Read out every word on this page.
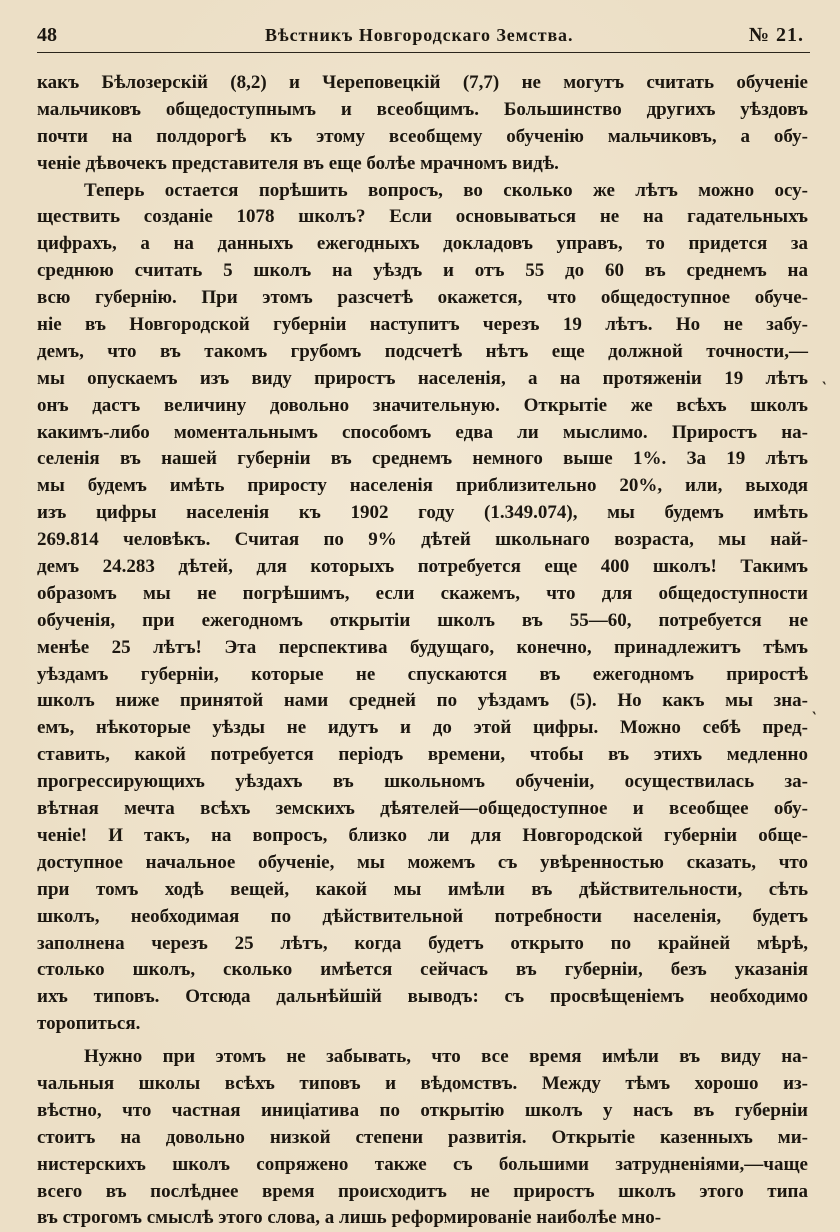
48	Вѣстникъ Новгородскаго Земства.	№ 21.
какъ Бѣлозерскій (8,2) и Череповецкій (7,7) не могутъ считать обученіе
мальчиковъ общедоступнымъ и всеобщимъ. Большинство другихъ уѣздовъ
почти на полдорогѣ къ этому всеобщему обученію мальчиковъ, а обу-
ченіе дѣвочекъ представителя въ еще болѣе мрачномъ видѣ.
Теперь остается порѣшить вопросъ, во сколько же лѣтъ можно осу-
ществить созданіе 1078 школъ? Если основываться не на гадательныхъ
цифрахъ, а на данныхъ ежегодныхъ докладовъ управъ, то придется за
среднюю считать 5 школъ на уѣздъ и отъ 55 до 60 въ среднемъ на
всю губернію. При этомъ разсчетѣ окажется, что общедоступное обуче-
ніе въ Новгородской губерніи наступитъ черезъ 19 лѣтъ. Но не забу-
демъ, что въ такомъ грубомъ подсчетѣ нѣтъ еще должной точности,—
мы опускаемъ изъ виду приростъ населенія, а на протяженіи 19 лѣтъ
онъ дастъ величину довольно значительную. Открытіе же всѣхъ школъ
какимъ-либо моментальнымъ способомъ едва ли мыслимо. Приростъ на-
селенія въ нашей губерніи въ среднемъ немного выше 1%. За 19 лѣтъ
мы будемъ имѣть приросту населенія приблизительно 20%, или, выходя
изъ цифры населенія къ 1902 году (1.349.074), мы будемъ имѣть
269.814 человѣкъ. Считая по 9% дѣтей школьнаго возраста, мы най-
демъ 24.283 дѣтей, для которыхъ потребуется еще 400 школъ! Такимъ
образомъ мы не погрѣшимъ, если скажемъ, что для общедоступности
обученія, при ежегодномъ открытіи школъ въ 55—60, потребуется не
менѣе 25 лѣтъ! Эта перспектива будущаго, конечно, принадлежитъ тѣмъ
уѣздамъ губерніи, которые не спускаются въ ежегодномъ приростѣ
школъ ниже принятой нами средней по уѣздамъ (5). Но какъ мы зна-
емъ, нѣкоторые уѣзды не идутъ и до этой цифры. Можно себѣ пред-
ставить, какой потребуется періодъ времени, чтобы въ этихъ медленно
прогрессирующихъ уѣздахъ въ школьномъ обученіи, осуществилась за-
вѣтная мечта всѣхъ земскихъ дѣятелей—общедоступное и всеобщее обу-
ченіе! И такъ, на вопросъ, близко ли для Новгородской губерніи обще-
доступное начальное обученіе, мы можемъ съ увѣренностью сказать, что
при томъ ходѣ вещей, какой мы имѣли въ дѣйствительности, сѣть
школъ, необходимая по дѣйствительной потребности населенія, будетъ
заполнена черезъ 25 лѣтъ, когда будетъ открыто по крайней мѣрѣ,
столько школъ, сколько имѣется сейчасъ въ губерніи, безъ указанія
ихъ типовъ. Отсюда дальнѣйшій выводъ: съ просвѣщеніемъ необходимо
торопиться.
Нужно при этомъ не забывать, что все время имѣли въ виду на-
чальныя школы всѣхъ типовъ и вѣдомствъ. Между тѣмъ хорошо из-
вѣстно, что частная иниціатива по открытію школъ у насъ въ губерніи
стоитъ на довольно низкой степени развитія. Открытіе казенныхъ ми-
нистерскихъ школъ сопряжено также съ большими затрудненіями,—чаще
всего въ послѣднее время происходитъ не приростъ школъ этого типа
въ строгомъ смыслѣ этого слова, а лишь реформированіе наиболѣе мно-
‵
‵
